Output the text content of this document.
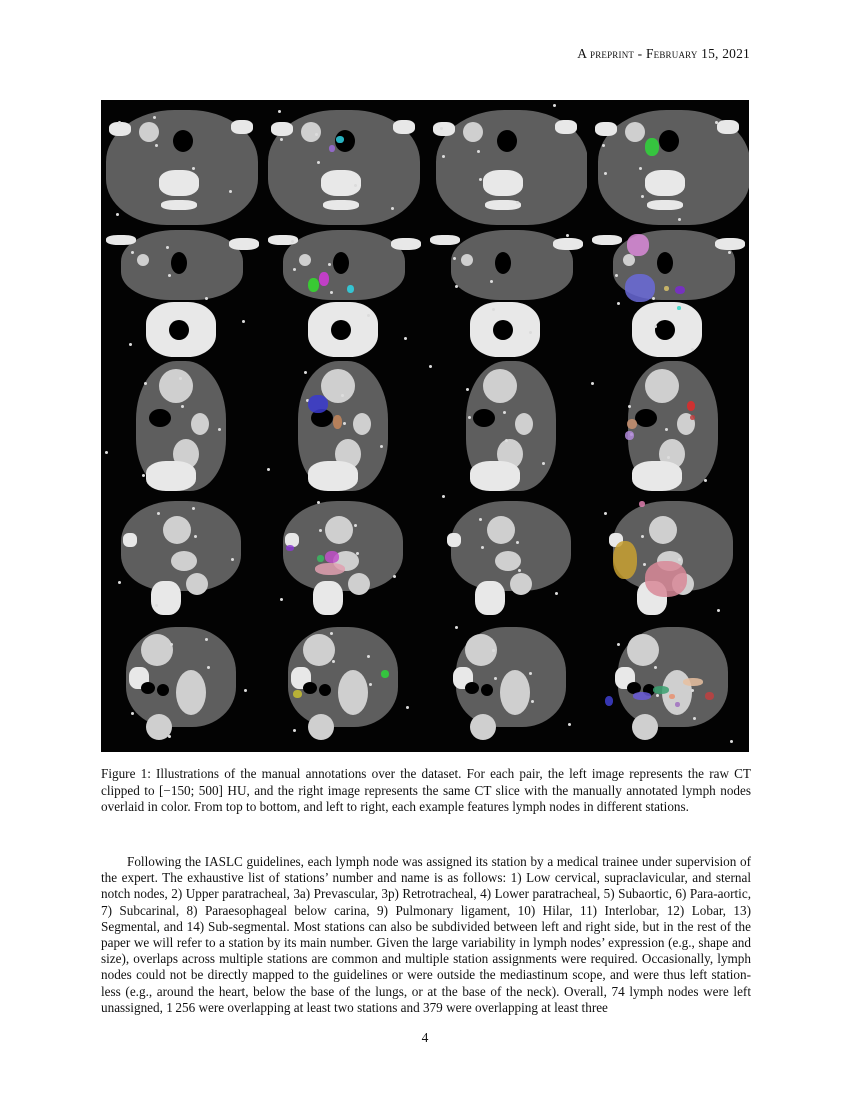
A preprint - February 15, 2021
Figure 1: Illustrations of the manual annotations over the dataset. For each pair, the left image represents the raw CT clipped to [−150; 500] HU, and the right image represents the same CT slice with the manually annotated lymph nodes overlaid in color. From top to bottom, and left to right, each example features lymph nodes in different stations.
Following the IASLC guidelines, each lymph node was assigned its station by a medical trainee under supervision of the expert. The exhaustive list of stations’ number and name is as follows: 1) Low cervical, supraclavicular, and sternal notch nodes, 2) Upper paratracheal, 3a) Prevascular, 3p) Retrotracheal, 4) Lower paratracheal, 5) Subaortic, 6) Para-aortic, 7) Subcarinal, 8) Paraesophageal below carina, 9) Pulmonary ligament, 10) Hilar, 11) Interlobar, 12) Lobar, 13) Segmental, and 14) Sub-segmental. Most stations can also be subdivided between left and right side, but in the rest of the paper we will refer to a station by its main number. Given the large variability in lymph nodes’ expression (e.g., shape and size), overlaps across multiple stations are common and multiple station assignments were required. Occasionally, lymph nodes could not be directly mapped to the guidelines or were outside the mediastinum scope, and were thus left station-less (e.g., around the heart, below the base of the lungs, or at the base of the neck). Overall, 74 lymph nodes were left unassigned, 1 256 were overlapping at least two stations and 379 were overlapping at least three
4
